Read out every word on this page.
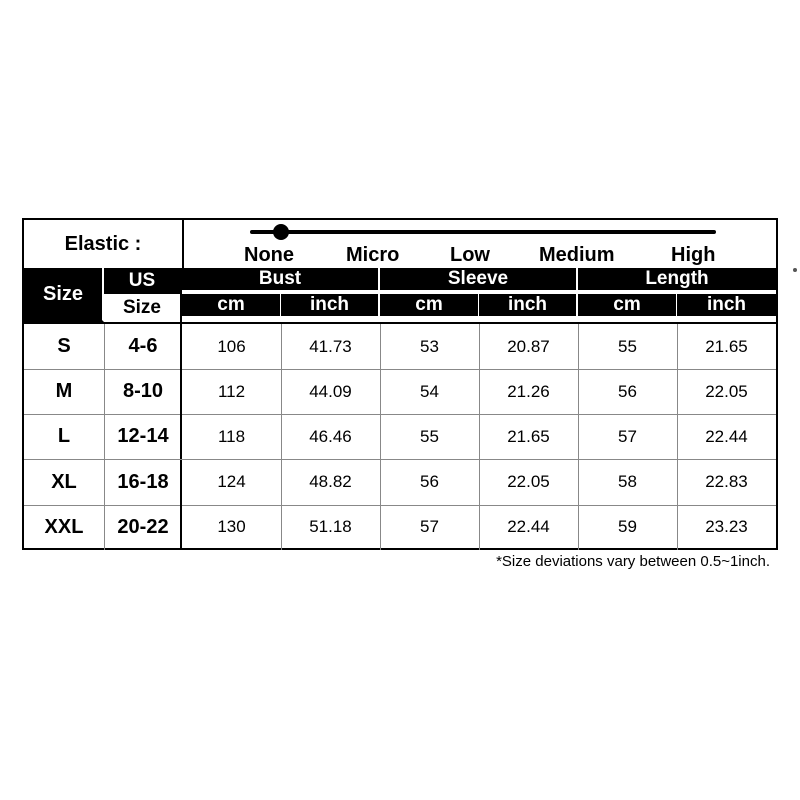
Elastic :
None	Micro	Low Medium	High
Size
US
Size
Bust	Sleeve	Length
cm	inch	cm	inch	cm	inch
S	4-6	106	41.73	53	20.87	55	21.65
M	8-10	112	44.09	54	21.26	56	22.05
L	12-14	118	46.46	55	21.65	57	22.44
XL	16-18	124	48.82	56	22.05	58	22.83
XXL	20-22	130	51.18	57	22.44	59	23.23
*Size deviations vary between 0.5~1inch.
